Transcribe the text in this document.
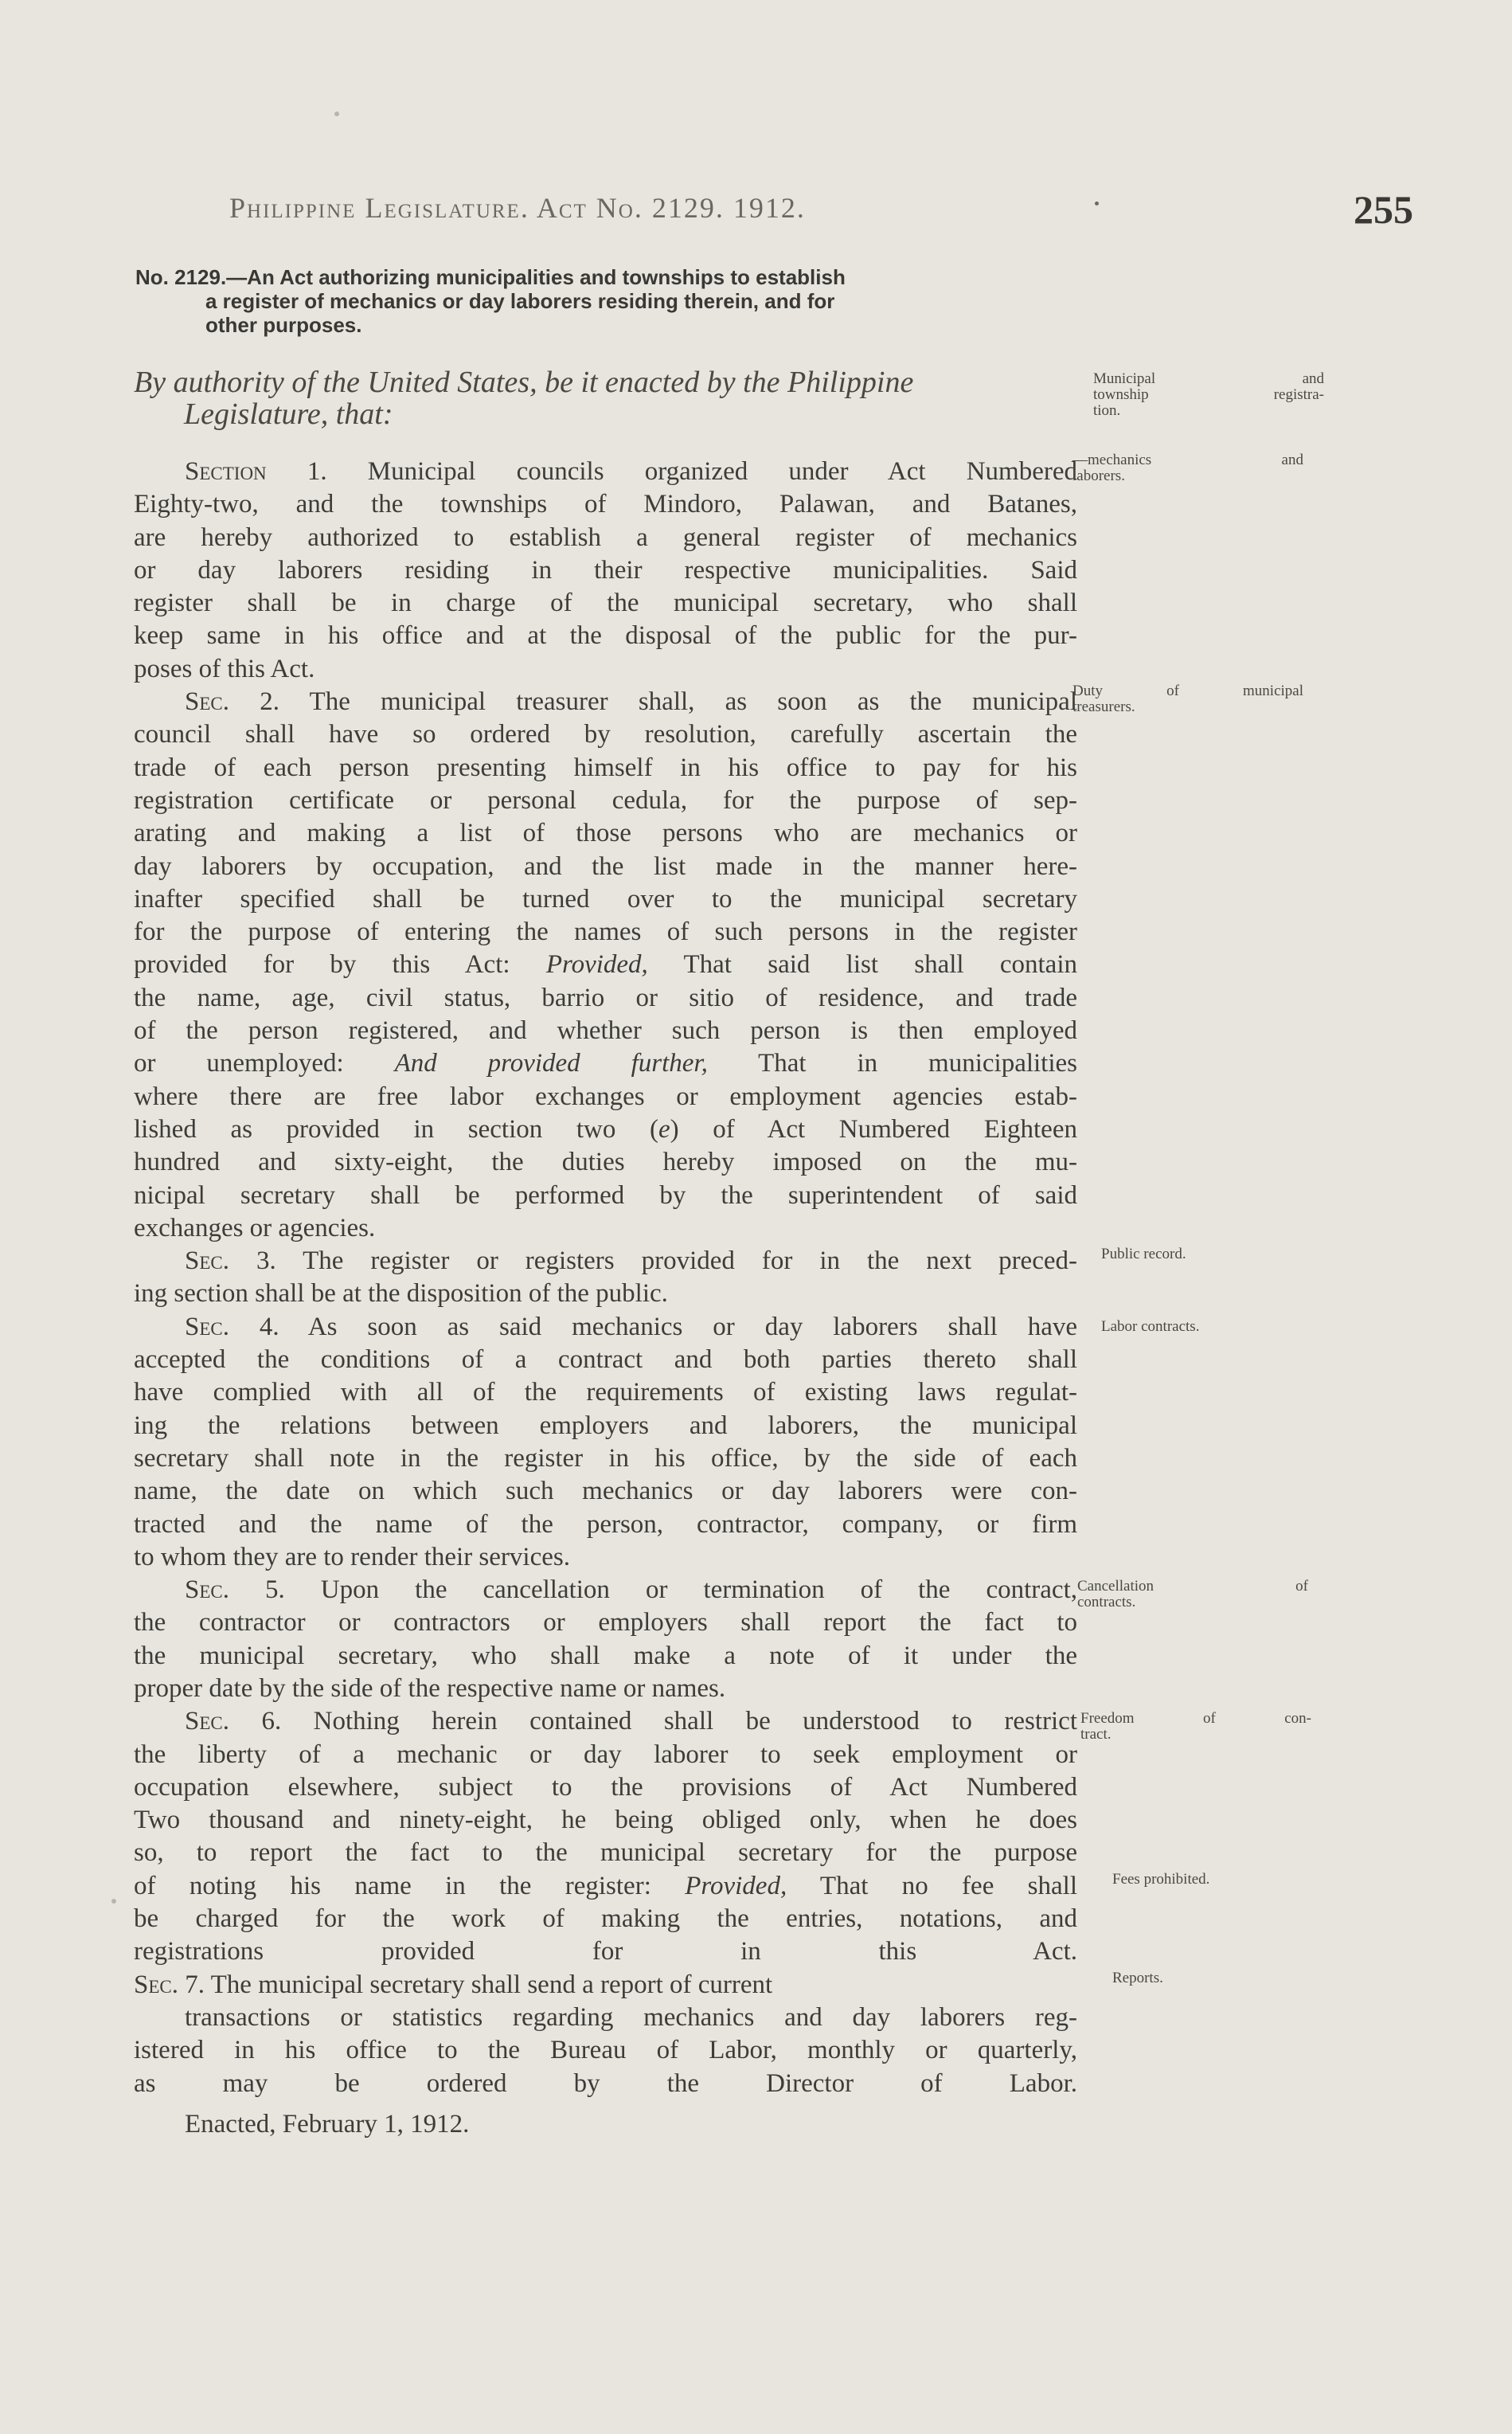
Philippine Legislature. Act No. 2129. 1912.	255
No. 2129.—An Act authorizing municipalities and townships to establish
a register of mechanics or day laborers residing therein, and for
other purposes.
By authority of the United States, be it enacted by the Philippine
Legislature, that:
Section 1. Municipal councils organized under Act Numbered
Eighty-two, and the townships of Mindoro, Palawan, and Batanes,
are hereby authorized to establish a general register of mechanics
or day laborers residing in their respective municipalities. Said
register shall be in charge of the municipal secretary, who shall
keep same in his office and at the disposal of the public for the pur-
poses of this Act.
Sec. 2. The municipal treasurer shall, as soon as the municipal
council shall have so ordered by resolution, carefully ascertain the
trade of each person presenting himself in his office to pay for his
registration certificate or personal cedula, for the purpose of sep-
arating and making a list of those persons who are mechanics or
day laborers by occupation, and the list made in the manner here-
inafter specified shall be turned over to the municipal secretary
for the purpose of entering the names of such persons in the register
provided for by this Act: Provided, That said list shall contain
the name, age, civil status, barrio or sitio of residence, and trade
of the person registered, and whether such person is then employed
or unemployed: And provided further, That in municipalities
where there are free labor exchanges or employment agencies estab-
lished as provided in section two (e) of Act Numbered Eighteen
hundred and sixty-eight, the duties hereby imposed on the mu-
nicipal secretary shall be performed by the superintendent of said
exchanges or agencies.
Sec. 3. The register or registers provided for in the next preced-
ing section shall be at the disposition of the public.
Sec. 4. As soon as said mechanics or day laborers shall have
accepted the conditions of a contract and both parties thereto shall
have complied with all of the requirements of existing laws regulat-
ing the relations between employers and laborers, the municipal
secretary shall note in the register in his office, by the side of each
name, the date on which such mechanics or day laborers were con-
tracted and the name of the person, contractor, company, or firm
to whom they are to render their services.
Sec. 5. Upon the cancellation or termination of the contract,
the contractor or contractors or employers shall report the fact to
the municipal secretary, who shall make a note of it under the
proper date by the side of the respective name or names.
Sec. 6. Nothing herein contained shall be understood to restrict
the liberty of a mechanic or day laborer to seek employment or
occupation elsewhere, subject to the provisions of Act Numbered
Two thousand and ninety-eight, he being obliged only, when he does
so, to report the fact to the municipal secretary for the purpose
of noting his name in the register: Provided, That no fee shall
be charged for the work of making the entries, notations, and
registrations provided for in this Act.
Sec. 7. The municipal secretary shall send a report of current
transactions or statistics regarding mechanics and day laborers reg-
istered in his office to the Bureau of Labor, monthly or quarterly,
as may be ordered by the Director of Labor.
Enacted, February 1, 1912.
Municipal and
township registra-
tion.
—mechanics and
laborers.
Duty of municipal
treasurers.
Public record.
Labor contracts.
Cancellation of
contracts.
Freedom of con-
tract.
Fees prohibited.
Reports.
